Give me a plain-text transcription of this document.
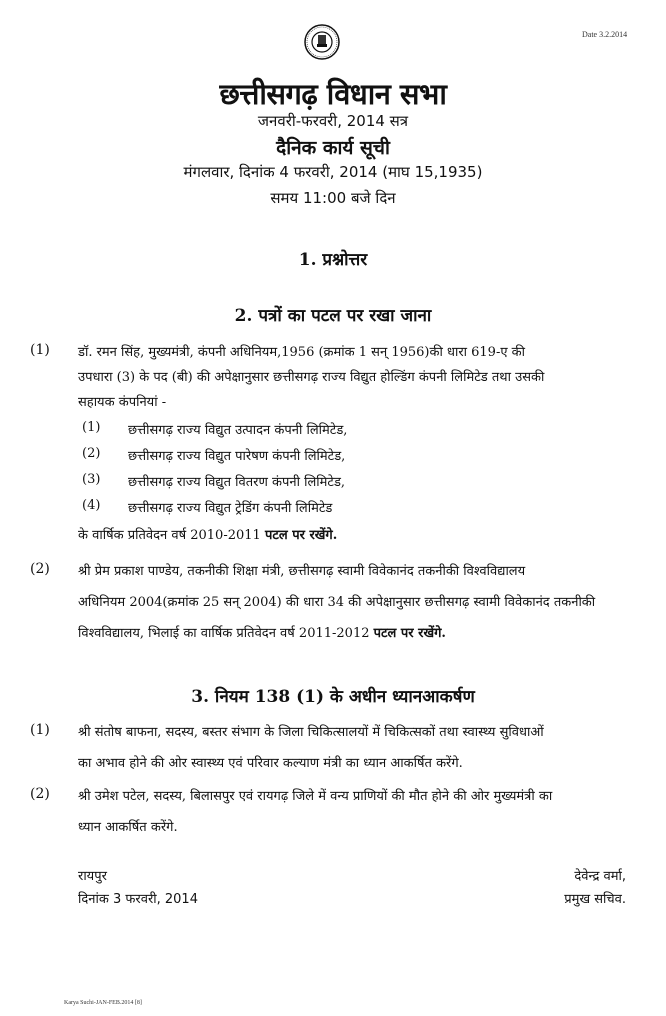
Date 3.2.2014
छत्तीसगढ़ विधान सभा
जनवरी-फरवरी, 2014 सत्र
दैनिक कार्य सूची
मंगलवार, दिनांक 4 फरवरी, 2014 (माघ 15,1935)
समय 11:00 बजे दिन
1. प्रश्नोत्तर
2. पत्रों का पटल पर रखा जाना
(1) डॉ. रमन सिंह, मुख्यमंत्री, कंपनी अधिनियम,1956 (क्रमांक 1 सन् 1956)की धारा 619-ए की
उपधारा (3) के पद (बी) की अपेक्षानुसार छत्तीसगढ़ राज्य विद्युत होल्डिंग कंपनी लिमिटेड तथा उसकी
सहायक कंपनियां -
(1) छत्तीसगढ़ राज्य विद्युत उत्पादन कंपनी लिमिटेड,
(2) छत्तीसगढ़ राज्य विद्युत पारेषण कंपनी लिमिटेड,
(3) छत्तीसगढ़ राज्य विद्युत वितरण कंपनी लिमिटेड,
(4) छत्तीसगढ़ राज्य विद्युत ट्रेडिंग कंपनी लिमिटेड
के वार्षिक प्रतिवेदन वर्ष 2010-2011 पटल पर रखेंगे.
(2) श्री प्रेम प्रकाश पाण्डेय, तकनीकी शिक्षा मंत्री, छत्तीसगढ़ स्वामी विवेकानंद तकनीकी विश्वविद्यालय
अधिनियम 2004(क्रमांक 25 सन् 2004) की धारा 34 की अपेक्षानुसार छत्तीसगढ़ स्वामी विवेकानंद तकनीकी
विश्वविद्यालय, भिलाई का वार्षिक प्रतिवेदन वर्ष 2011-2012 पटल पर रखेंगे.
3. नियम 138 (1) के अधीन ध्यानआकर्षण
(1) श्री संतोष बाफना, सदस्य, बस्तर संभाग के जिला चिकित्सालयों में चिकित्सकों तथा स्वास्थ्य सुविधाओं
का अभाव होने की ओर स्वास्थ्य एवं परिवार कल्याण मंत्री का ध्यान आकर्षित करेंगे.
(2) श्री उमेश पटेल, सदस्य, बिलासपुर एवं रायगढ़ जिले में वन्य प्राणियों की मौत होने की ओर मुख्यमंत्री का
ध्यान आकर्षित करेंगे.
रायपुर
दिनांक 3 फरवरी, 2014
देवेन्द्र वर्मा,
प्रमुख सचिव.
Karya Suchi-JAN-FEB.2014 [8]
